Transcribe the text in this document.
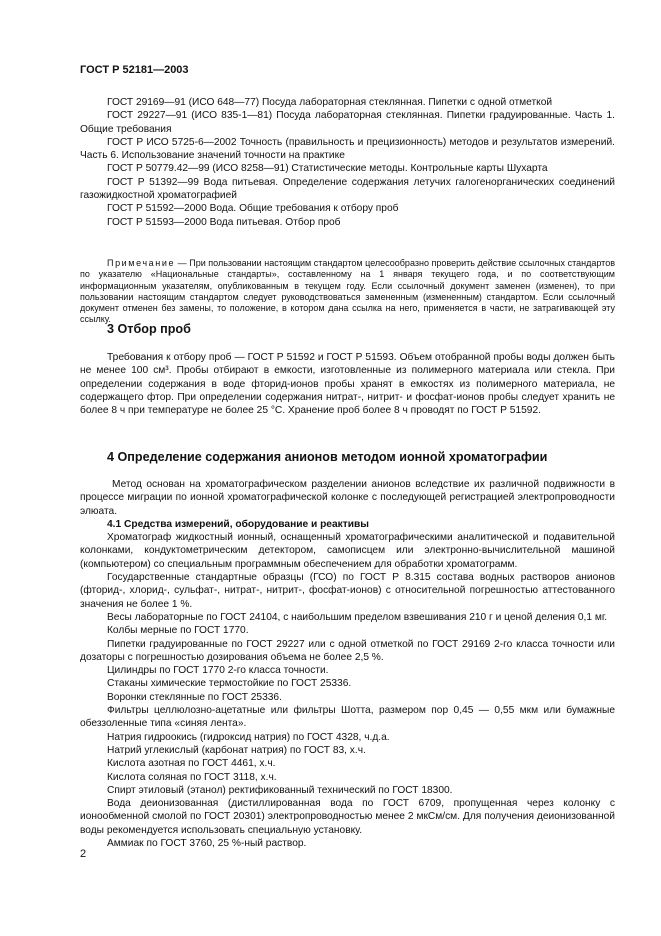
ГОСТ Р 52181—2003

ГОСТ 29169—91 (ИСО 648—77) Посуда лабораторная стеклянная. Пипетки с одной отметкой

ГОСТ 29227—91 (ИСО 835-1—81) Посуда лабораторная стеклянная. Пипетки градуированные. Часть 1. Общие требования

ГОСТ Р ИСО 5725-6—2002 Точность (правильность и прецизионность) методов и результатов измерений. Часть 6. Использование значений точности на практике

ГОСТ Р 50779.42—99 (ИСО 8258—91) Статистические методы. Контрольные карты Шухарта

ГОСТ Р 51392—99 Вода питьевая. Определение содержания летучих галогенорганических соединений газожидкостной хроматографией

ГОСТ Р 51592—2000 Вода. Общие требования к отбору проб

ГОСТ Р 51593—2000 Вода питьевая. Отбор проб

Примечание — При пользовании настоящим стандартом целесообразно проверить действие ссылочных стандартов по указателю «Национальные стандарты», составленному на 1 января текущего года, и по соответствующим информационным указателям, опубликованным в текущем году. Если ссылочный документ заменен (изменен), то при пользовании настоящим стандартом следует руководствоваться замененным (измененным) стандартом. Если ссылочный документ отменен без замены, то положение, в котором дана ссылка на него, применяется в части, не затрагивающей эту ссылку.

3 Отбор проб

Требования к отбору проб — ГОСТ Р 51592 и ГОСТ Р 51593. Объем отобранной пробы воды должен быть не менее 100 см³. Пробы отбирают в емкости, изготовленные из полимерного материала или стекла. При определении содержания в воде фторид-ионов пробы хранят в емкостях из полимерного материала, не содержащего фтор. При определении содержания нитрат-, нитрит- и фосфат-ионов пробы следует хранить не более 8 ч при температуре не более 25 °С. Хранение проб более 8 ч проводят по ГОСТ Р 51592.

4 Определение содержания анионов методом ионной хроматографии

Метод основан на хроматографическом разделении анионов вследствие их различной подвижности в процессе миграции по ионной хроматографической колонке с последующей регистрацией электропроводности элюата.

4.1 Средства измерений, оборудование и реактивы

Хроматограф жидкостный ионный, оснащенный хроматографическими аналитической и подавительной колонками, кондуктометрическим детектором, самописцем или электронно-вычислительной машиной (компьютером) со специальным программным обеспечением для обработки хроматограмм.

Государственные стандартные образцы (ГСО) по ГОСТ Р 8.315 состава водных растворов анионов (фторид-, хлорид-, сульфат-, нитрат-, нитрит-, фосфат-ионов) с относительной погрешностью аттестованного значения не более 1 %.

Весы лабораторные по ГОСТ 24104, с наибольшим пределом взвешивания 210 г и ценой деления 0,1 мг.

Колбы мерные по ГОСТ 1770.

Пипетки градуированные по ГОСТ 29227 или с одной отметкой по ГОСТ 29169 2-го класса точности или дозаторы с погрешностью дозирования объема не более 2,5 %.

Цилиндры по ГОСТ 1770 2-го класса точности.

Стаканы химические термостойкие по ГОСТ 25336.

Воронки стеклянные по ГОСТ 25336.

Фильтры целлюлозно-ацетатные или фильтры Шотта, размером пор 0,45 — 0,55 мкм или бумажные обеззоленные типа «синяя лента».

Натрия гидроокись (гидроксид натрия) по ГОСТ 4328, ч.д.а.

Натрий углекислый (карбонат натрия) по ГОСТ 83, х.ч.

Кислота азотная по ГОСТ 4461, х.ч.

Кислота соляная по ГОСТ 3118, х.ч.

Спирт этиловый (этанол) ректификованный технический по ГОСТ 18300.

Вода деионизованная (дистиллированная вода по ГОСТ 6709, пропущенная через колонку с ионообменной смолой по ГОСТ 20301) электропроводностью менее 2 мкСм/см. Для получения деионизованной воды рекомендуется использовать специальную установку.

Аммиак по ГОСТ 3760, 25 %-ный раствор.

2
